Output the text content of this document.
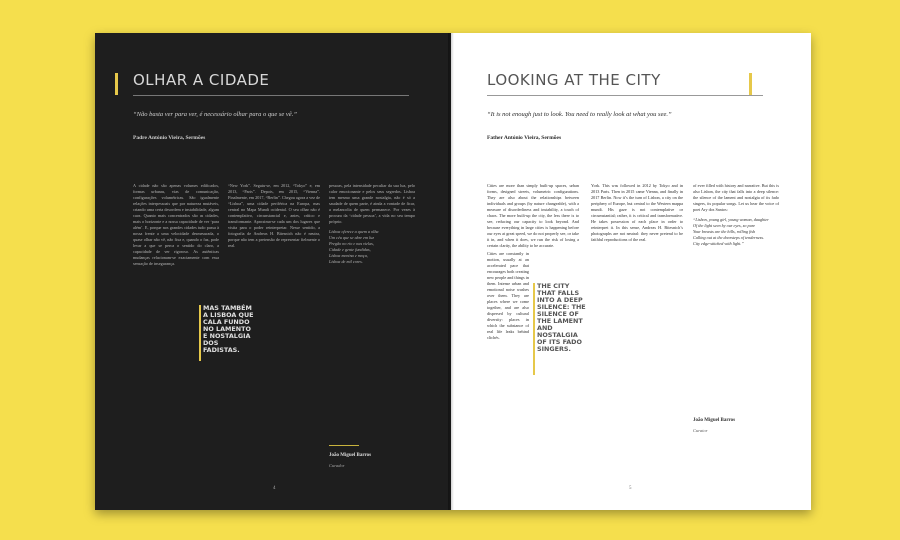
OLHAR A CIDADE
“Não basta ver para ver, é necessário olhar para o que se vê.”
Padre António Vieira, Sermões
A cidade não são apenas volumes edificados, formas urbanas, vias de comunicação, configurações volumétricas. São igualmente relações interpessoais que por natureza mutáveis, criando uma certa desordem e instabilidade, algum caos. Quanto mais concentrados são as cidades, mais o horizonte e a nossa capacidade de ver ‘para além’. E, porque nos grandes cidades tudo passa à nossa frente a uma velocidade desmesurada, o quase olhar não vê, não fixa e, quando o faz, pode levar a que se perca o sentido do claro, a capacidade de ver rigoroso. As autênticas mudanças relacionam-se exactamente com essa sensação de insegurança.
“New York”. Seguiu-se, em 2012, “Tokyo” e, em 2013, “Paris”. Depois, em 2015, “Vienna”. Finalmente, em 2017, “Berlin”. Chegou agora a vez de “Lisboa”, uma cidade periférica na Europa, mas central no Mapa Mundi ocidental. O seu olhar não é contemplativo, circunstancial e, antes, crítico e transformante. Aproxima-se cada um dos lugares que visita para o poder reinterpretar. Nesse sentido, a fotografia de Andreas H. Bitesnich não é neutra, porque não tem a pretensão de representar fielmente o real.
pessoas, pela intensidade peculiar da sua luz, pelo calor emocionante e pelos seus segredos. Lisboa tem mesmo uma grande nostalgia, não é só a saudade de quem parte, é ainda a vontade de ficar, a melancolia de quem permanece. Por vezes à procura da ‘cidade pessoa’, a vida no seu tempo próprio.
Lisboa oferece a quem a olha
Um céu que se abre em luz
Pregão no rio e nas vielas,
Cidade e gente fundidas,
Lisboa menina e moça,
Lisboa de mil cores.
MAS TAMBÉM A LISBOA QUE CALA FUNDO NO LAMENTO E NOSTALGIA DOS FADISTAS.
João Miguel Barros
Curador
4
LOOKING AT THE CITY
“It is not enough just to look. You need to really look at what you see.”
Father António Vieira, Sermões
Cities are more than simply built-up spaces, urban forms, designed streets, volumetric configurations. They are also about the relationships between individuals and groups (by nature changeable), with a measure of disorderliness and instability, a touch of chaos. The more built-up the city, the less there is to see, reducing our capacity to look beyond. And because everything in large cities is happening before our eyes at great speed, we do not properly see, or take it in, and when it does, we run the risk of losing a certain clarity, the ability to be accurate.
Cities are constantly in motion, usually at an accelerated pace that encourages both creating new people and things in them. Intense urban and emotional noise washes over them. They are places where we come together, and are also dispersed by cultural diversity: places in which the substance of real life leaks behind clichés.
THE CITY THAT FALLS INTO A DEEP SILENCE: THE SILENCE OF THE LAMENT AND NOSTALGIA OF ITS FADO SINGERS.
York. This was followed in 2012 by Tokyo and in 2013 Paris. Then in 2015 came Vienna, and finally in 2017 Berlin. Now it’s the turn of Lisbon, a city on the periphery of Europe, but central to the Western mappa mundi. His gaze is not contemplative or circumstantial; rather, it is critical and transformative. He takes possession of each place in order to reinterpret it. In this sense, Andreas H. Bitesnich’s photographs are not neutral: they never pretend to be faithful reproductions of the real.
of ever filled with history and narrative. But this is also Lisbon, the city that falls into a deep silence: the silence of the lament and nostalgia of its fado singers, its popular songs. Let us hear the voice of poet Ary dos Santos:
“Lisbon, young girl, young woman, daughter
Of the light seen by our eyes, so pure
Your breasts are the hills, rolling fish
Calling out at the doorsteps of tenderness.
City edge-stitched with light.”
João Miguel Barros
Curator
5
